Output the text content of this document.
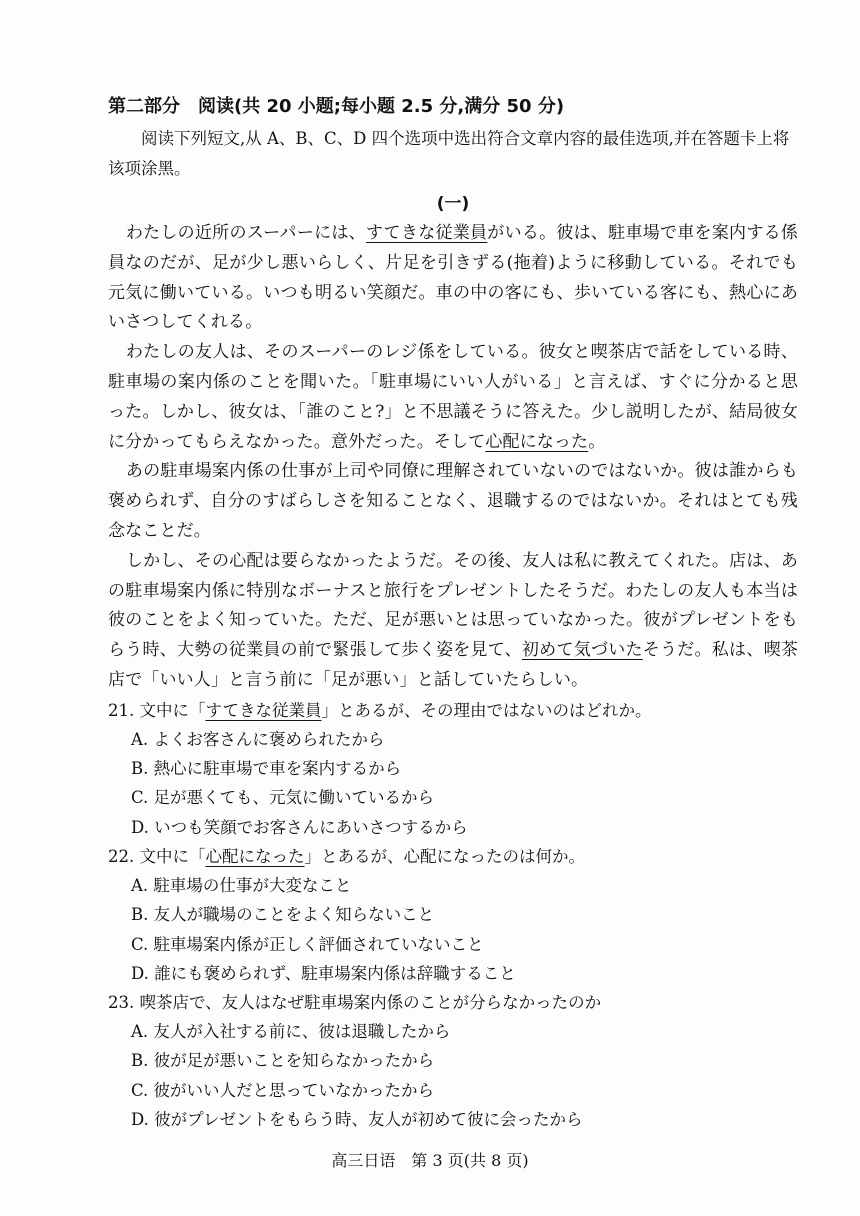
第二部分　阅读(共 20 小题;每小题 2.5 分,满分 50 分)

阅读下列短文,从 A、B、C、D 四个选项中选出符合文章内容的最佳选项,并在答题卡上将该项涂黑。

(一)

わたしの近所のスーパーには、すてきな従業員がいる。彼は、駐車場で車を案内する係員なのだが、足が少し悪いらしく、片足を引きずる(拖着)ように移動している。それでも元気に働いている。いつも明るい笑顔だ。車の中の客にも、歩いている客にも、熱心にあいさつしてくれる。

わたしの友人は、そのスーパーのレジ係をしている。彼女と喫茶店で話をしている時、駐車場の案内係のことを聞いた。「駐車場にいい人がいる」と言えば、すぐに分かると思った。しかし、彼女は、「誰のこと?」と不思議そうに答えた。少し説明したが、結局彼女に分かってもらえなかった。意外だった。そして心配になった。

あの駐車場案内係の仕事が上司や同僚に理解されていないのではないか。彼は誰からも褒められず、自分のすばらしさを知ることなく、退職するのではないか。それはとても残念なことだ。

しかし、その心配は要らなかったようだ。その後、友人は私に教えてくれた。店は、あの駐車場案内係に特別なボーナスと旅行をプレゼントしたそうだ。わたしの友人も本当は彼のことをよく知っていた。ただ、足が悪いとは思っていなかった。彼がプレゼントをもらう時、大勢の従業員の前で緊張して歩く姿を見て、初めて気づいたそうだ。私は、喫茶店で「いい人」と言う前に「足が悪い」と話していたらしい。

21. 文中に「すてきな従業員」とあるが、その理由ではないのはどれか。

A. よくお客さんに褒められたから

B. 熱心に駐車場で車を案内するから

C. 足が悪くても、元気に働いているから

D. いつも笑顔でお客さんにあいさつするから

22. 文中に「心配になった」とあるが、心配になったのは何か。

A. 駐車場の仕事が大変なこと

B. 友人が職場のことをよく知らないこと

C. 駐車場案内係が正しく評価されていないこと

D. 誰にも褒められず、駐車場案内係は辞職すること

23. 喫茶店で、友人はなぜ駐車場案内係のことが分らなかったのか

A. 友人が入社する前に、彼は退職したから

B. 彼が足が悪いことを知らなかったから

C. 彼がいい人だと思っていなかったから

D. 彼がプレゼントをもらう時、友人が初めて彼に会ったから

高三日语　第 3 页(共 8 页)
